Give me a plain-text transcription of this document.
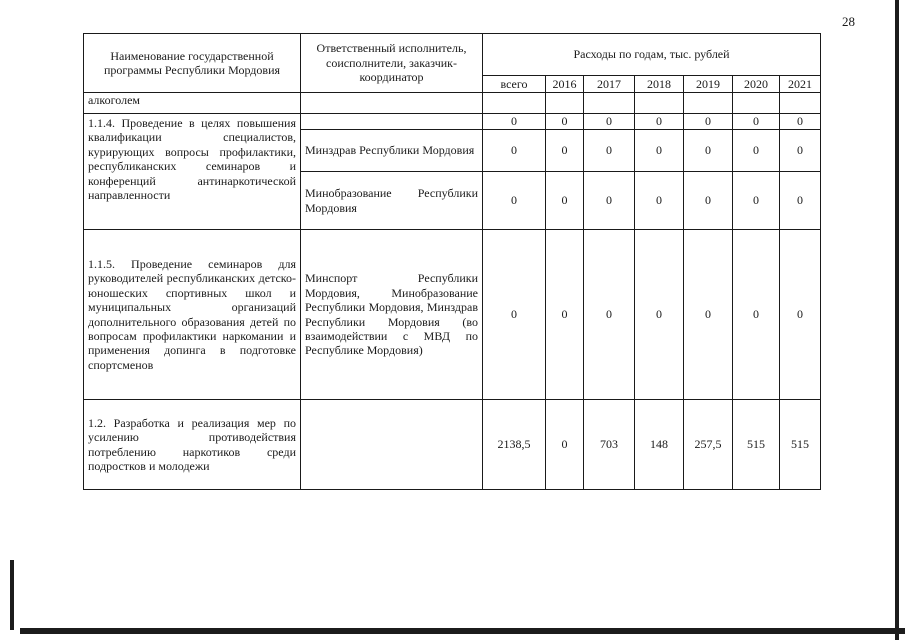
28
Наименование государственной программы Республики Мордовия	Ответственный исполнитель, соисполнители, заказчик-координатор	Расходы по годам, тыс. рублей						
		всего	2016	2017	2018	2019	2020	2021
алкоголем								
1.1.4. Проведение в целях повышения квалификации специалистов, курирующих вопросы профилактики, республиканских семинаров и конференций антинаркотической направленности		0	0	0	0	0	0	0
	Минздрав Республики Мордовия	0	0	0	0	0	0	0
	Минобразование Республики Мордовия	0	0	0	0	0	0	0
1.1.5. Проведение семинаров для руководителей республиканских детско-юношеских спортивных школ и муниципальных организаций дополнительного образования детей по вопросам профилактики наркомании и применения допинга в подготовке спортсменов	Минспорт Республики Мордовия, Минобразование Республики Мордовия, Минздрав Республики Мордовия (во взаимодействии с МВД по Республике Мордовия)	0	0	0	0	0	0	0
1.2. Разработка и реализация мер по усилению противодействия потреблению наркотиков среди подростков и молодежи		2138,5	0	703	148	257,5	515	515
